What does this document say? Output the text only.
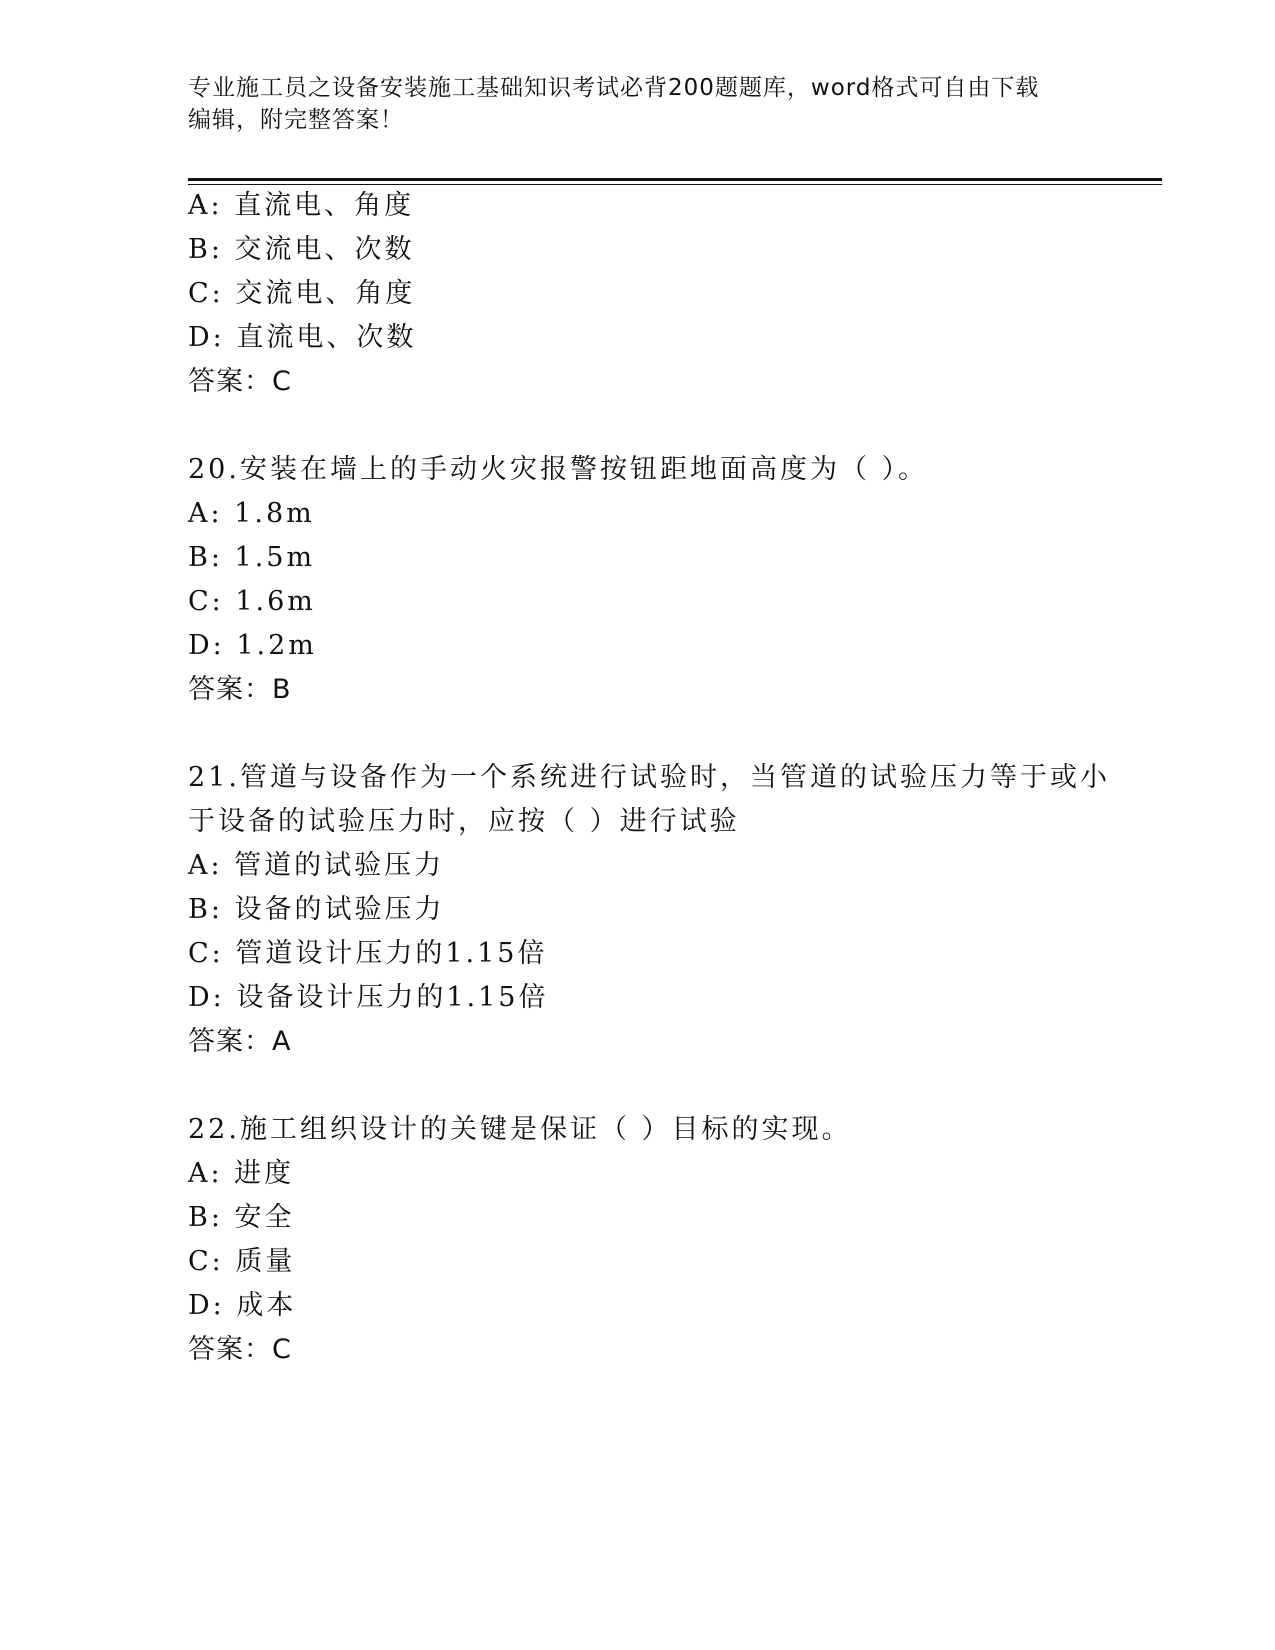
专业施工员之设备安装施工基础知识考试必背200题题库，word格式可自由下载
编辑，附完整答案！
A: 直流电、角度
B: 交流电、次数
C: 交流电、角度
D: 直流电、次数
答案：C
20.安装在墙上的手动火灾报警按钮距地面高度为（ ）。
A: 1.8m
B: 1.5m
C: 1.6m
D: 1.2m
答案：B
21.管道与设备作为一个系统进行试验时，当管道的试验压力等于或小
于设备的试验压力时，应按（ ）进行试验
A: 管道的试验压力
B: 设备的试验压力
C: 管道设计压力的1.15倍
D: 设备设计压力的1.15倍
答案：A
22.施工组织设计的关键是保证（ ）目标的实现。
A: 进度
B: 安全
C: 质量
D: 成本
答案：C
